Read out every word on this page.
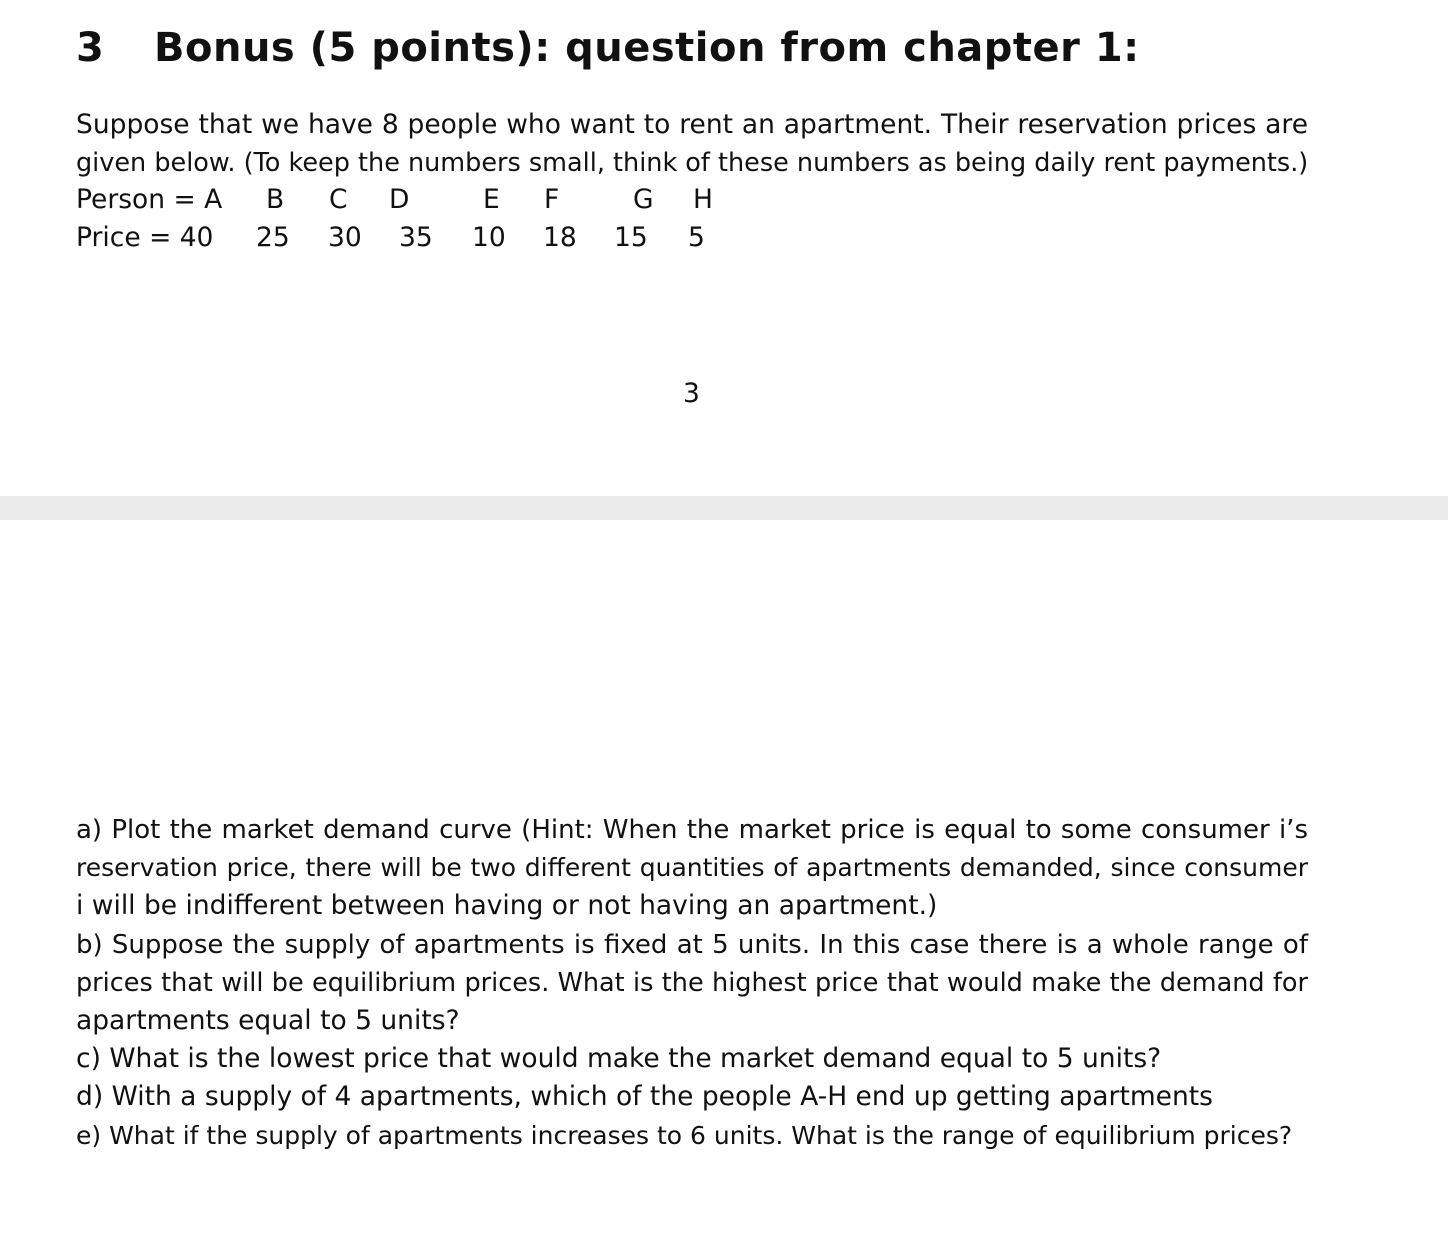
3 Bonus (5 points): question from chapter 1:
Suppose that we have 8 people who want to rent an apartment. Their reservation prices are
given below. (To keep the numbers small, think of these numbers as being daily rent payments.)
Person = A B C D	E F	G H
Price = 40 25 30 35 10 18 15 5
3
a) Plot the market demand curve (Hint: When the market price is equal to some consumer i’s
reservation price, there will be two different quantities of apartments demanded, since consumer
i will be indifferent between having or not having an apartment.)
b) Suppose the supply of apartments is fixed at 5 units. In this case there is a whole range of
prices that will be equilibrium prices. What is the highest price that would make the demand for
apartments equal to 5 units?
c) What is the lowest price that would make the market demand equal to 5 units?
d) With a supply of 4 apartments, which of the people A-H end up getting apartments
e) What if the supply of apartments increases to 6 units. What is the range of equilibrium prices?
